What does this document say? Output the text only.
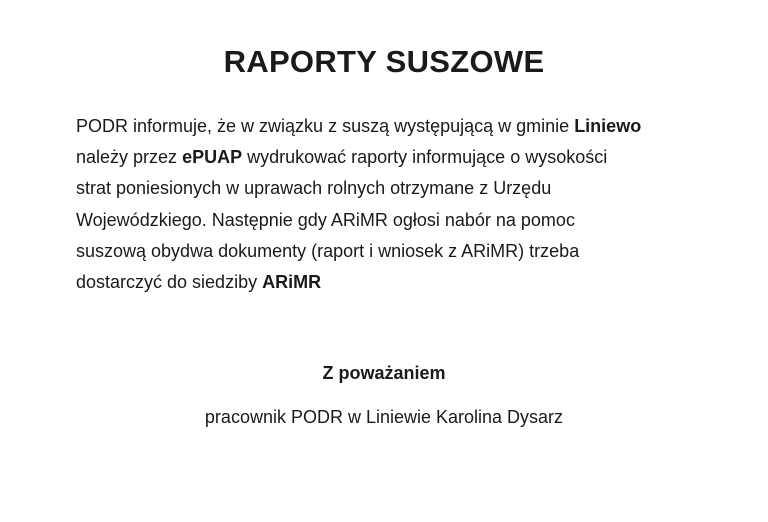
RAPORTY SUSZOWE
PODR informuje, że w związku z suszą występującą w gminie Liniewo
należy przez ePUAP wydrukować raporty informujące o wysokości
strat poniesionych w uprawach rolnych otrzymane z Urzędu
Wojewódzkiego. Następnie gdy ARiMR ogłosi nabór na pomoc
suszową obydwa dokumenty (raport i wniosek z ARiMR) trzeba
dostarczyć do siedziby ARiMR

Z poważaniem

pracownik PODR w Liniewie Karolina Dysarz
